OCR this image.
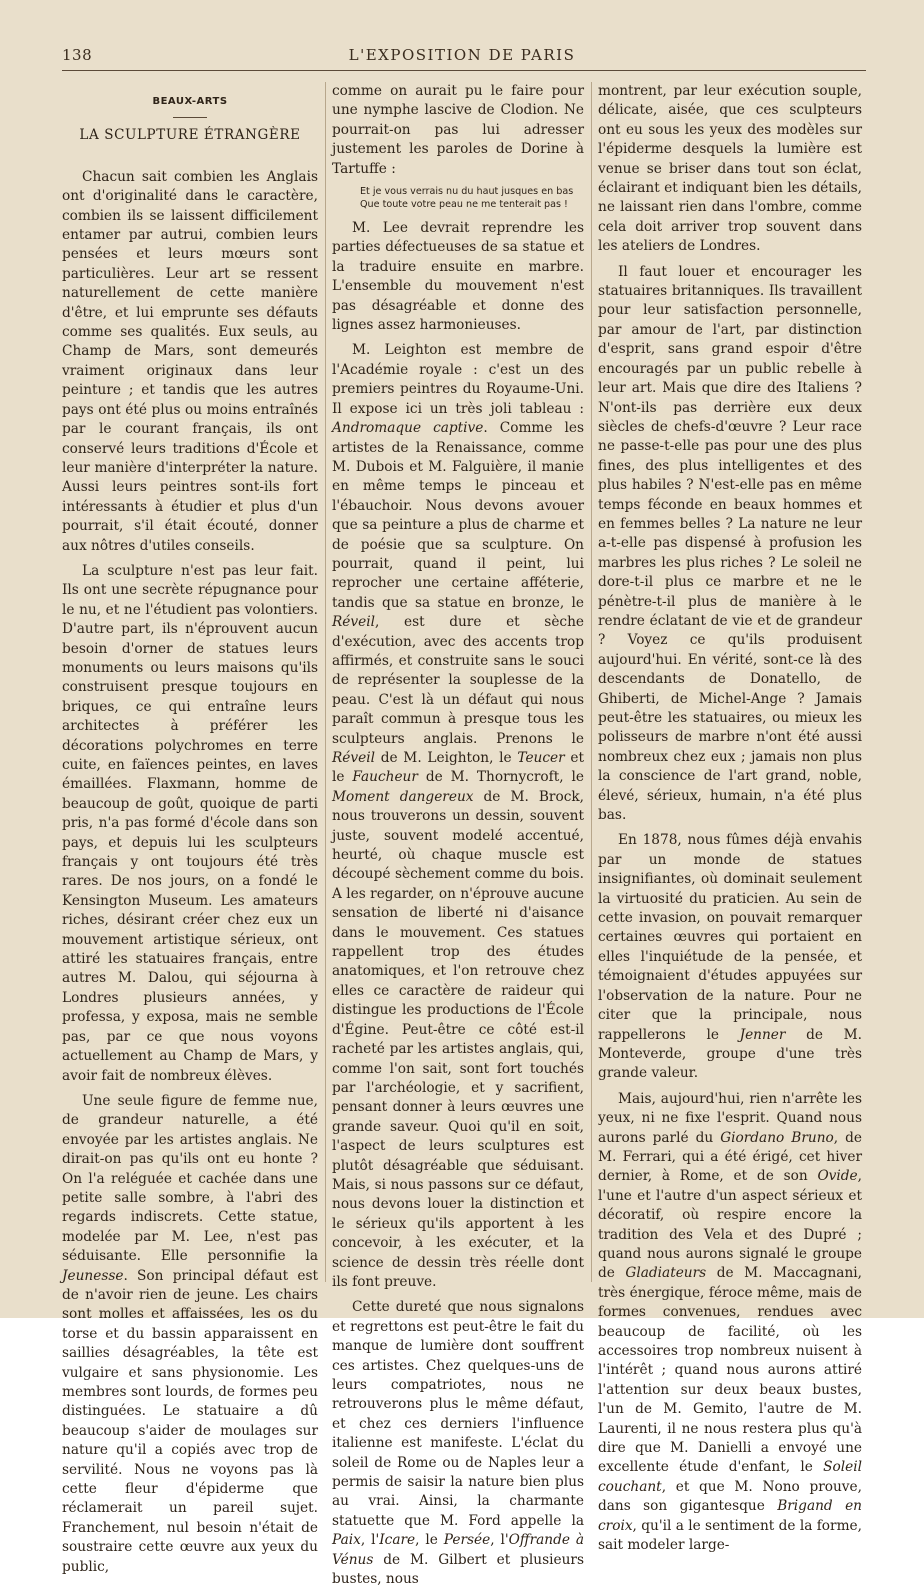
138	L'EXPOSITION DE PARIS
BEAUX-ARTS
LA SCULPTURE ÉTRANGÈRE

Chacun sait combien les Anglais ont d'originalité dans le caractère, combien ils se laissent difficilement entamer par autrui, combien leurs pensées et leurs mœurs sont particulières. Leur art se ressent naturellement de cette manière d'être, et lui emprunte ses défauts comme ses qualités. Eux seuls, au Champ de Mars, sont demeurés vraiment originaux dans leur peinture ; et tandis que les autres pays ont été plus ou moins entraînés par le courant français, ils ont conservé leurs traditions d'École et leur manière d'interpréter la nature. Aussi leurs peintres sont-ils fort intéressants à étudier et plus d'un pourrait, s'il était écouté, donner aux nôtres d'utiles conseils.

La sculpture n'est pas leur fait. Ils ont une secrète répugnance pour le nu, et ne l'étudient pas volontiers. D'autre part, ils n'éprouvent aucun besoin d'orner de statues leurs monuments ou leurs maisons qu'ils construisent presque toujours en briques, ce qui entraîne leurs architectes à préférer les décorations polychromes en terre cuite, en faïences peintes, en laves émaillées. Flaxmann, homme de beaucoup de goût, quoique de parti pris, n'a pas formé d'école dans son pays, et depuis lui les sculpteurs français y ont toujours été très rares. De nos jours, on a fondé le Kensington Museum. Les amateurs riches, désirant créer chez eux un mouvement artistique sérieux, ont attiré les statuaires français, entre autres M. Dalou, qui séjourna à Londres plusieurs années, y professa, y exposa, mais ne semble pas, par ce que nous voyons actuellement au Champ de Mars, y avoir fait de nombreux élèves.

Une seule figure de femme nue, de grandeur naturelle, a été envoyée par les artistes anglais. Ne dirait-on pas qu'ils ont eu honte ? On l'a reléguée et cachée dans une petite salle sombre, à l'abri des regards indiscrets. Cette statue, modelée par M. Lee, n'est pas séduisante. Elle personnifie la Jeunesse. Son principal défaut est de n'avoir rien de jeune. Les chairs sont molles et affaissées, les os du torse et du bassin apparaissent en saillies désagréables, la tête est vulgaire et sans physionomie. Les membres sont lourds, de formes peu distinguées. Le statuaire a dû beaucoup s'aider de moulages sur nature qu'il a copiés avec trop de servilité. Nous ne voyons pas là cette fleur d'épiderme que réclamerait un pareil sujet. Franchement, nul besoin n'était de soustraire cette œuvre aux yeux du public,

comme on aurait pu le faire pour une nymphe lascive de Clodion. Ne pourrait-on pas lui adresser justement les paroles de Dorine à Tartuffe :

Et je vous verrais nu du haut jusques en bas
Que toute votre peau ne me tenterait pas !

M. Lee devrait reprendre les parties défectueuses de sa statue et la traduire ensuite en marbre. L'ensemble du mouvement n'est pas désagréable et donne des lignes assez harmonieuses.

M. Leighton est membre de l'Académie royale : c'est un des premiers peintres du Royaume-Uni. Il expose ici un très joli tableau : Andromaque captive. Comme les artistes de la Renaissance, comme M. Dubois et M. Falguière, il manie en même temps le pinceau et l'ébauchoir. Nous devons avouer que sa peinture a plus de charme et de poésie que sa sculpture. On pourrait, quand il peint, lui reprocher une certaine afféterie, tandis que sa statue en bronze, le Réveil, est dure et sèche d'exécution, avec des accents trop affirmés, et construite sans le souci de représenter la souplesse de la peau. C'est là un défaut qui nous paraît commun à presque tous les sculpteurs anglais. Prenons le Réveil de M. Leighton, le Teucer et le Faucheur de M. Thornycroft, le Moment dangereux de M. Brock, nous trouverons un dessin, souvent juste, souvent modelé accentué, heurté, où chaque muscle est découpé sèchement comme du bois. A les regarder, on n'éprouve aucune sensation de liberté ni d'aisance dans le mouvement. Ces statues rappellent trop des études anatomiques, et l'on retrouve chez elles ce caractère de raideur qui distingue les productions de l'École d'Égine. Peut-être ce côté est-il racheté par les artistes anglais, qui, comme l'on sait, sont fort touchés par l'archéologie, et y sacrifient, pensant donner à leurs œuvres une grande saveur. Quoi qu'il en soit, l'aspect de leurs sculptures est plutôt désagréable que séduisant. Mais, si nous passons sur ce défaut, nous devons louer la distinction et le sérieux qu'ils apportent à les concevoir, à les exécuter, et la science de dessin très réelle dont ils font preuve.

Cette dureté que nous signalons et regrettons est peut-être le fait du manque de lumière dont souffrent ces artistes. Chez quelques-uns de leurs compatriotes, nous ne retrouverons plus le même défaut, et chez ces derniers l'influence italienne est manifeste. L'éclat du soleil de Rome ou de Naples leur a permis de saisir la nature bien plus au vrai. Ainsi, la charmante statuette que M. Ford appelle la Paix, l'Icare, le Persée, l'Offrande à Vénus de M. Gilbert et plusieurs bustes, nous

montrent, par leur exécution souple, délicate, aisée, que ces sculpteurs ont eu sous les yeux des modèles sur l'épiderme desquels la lumière est venue se briser dans tout son éclat, éclairant et indiquant bien les détails, ne laissant rien dans l'ombre, comme cela doit arriver trop souvent dans les ateliers de Londres.

Il faut louer et encourager les statuaires britanniques. Ils travaillent pour leur satisfaction personnelle, par amour de l'art, par distinction d'esprit, sans grand espoir d'être encouragés par un public rebelle à leur art. Mais que dire des Italiens ? N'ont-ils pas derrière eux deux siècles de chefs-d'œuvre ? Leur race ne passe-t-elle pas pour une des plus fines, des plus intelligentes et des plus habiles ? N'est-elle pas en même temps féconde en beaux hommes et en femmes belles ? La nature ne leur a-t-elle pas dispensé à profusion les marbres les plus riches ? Le soleil ne dore-t-il plus ce marbre et ne le pénètre-t-il plus de manière à le rendre éclatant de vie et de grandeur ? Voyez ce qu'ils produisent aujourd'hui. En vérité, sont-ce là des descendants de Donatello, de Ghiberti, de Michel-Ange ? Jamais peut-être les statuaires, ou mieux les polisseurs de marbre n'ont été aussi nombreux chez eux ; jamais non plus la conscience de l'art grand, noble, élevé, sérieux, humain, n'a été plus bas.

En 1878, nous fûmes déjà envahis par un monde de statues insignifiantes, où dominait seulement la virtuosité du praticien. Au sein de cette invasion, on pouvait remarquer certaines œuvres qui portaient en elles l'inquiétude de la pensée, et témoignaient d'études appuyées sur l'observation de la nature. Pour ne citer que la principale, nous rappellerons le Jenner de M. Monteverde, groupe d'une très grande valeur.

Mais, aujourd'hui, rien n'arrête les yeux, ni ne fixe l'esprit. Quand nous aurons parlé du Giordano Bruno, de M. Ferrari, qui a été érigé, cet hiver dernier, à Rome, et de son Ovide, l'une et l'autre d'un aspect sérieux et décoratif, où respire encore la tradition des Vela et des Dupré ; quand nous aurons signalé le groupe de Gladiateurs de M. Maccagnani, très énergique, féroce même, mais de formes convenues, rendues avec beaucoup de facilité, où les accessoires trop nombreux nuisent à l'intérêt ; quand nous aurons attiré l'attention sur deux beaux bustes, l'un de M. Gemito, l'autre de M. Laurenti, il ne nous restera plus qu'à dire que M. Danielli a envoyé une excellente étude d'enfant, le Soleil couchant, et que M. Nono prouve, dans son gigantesque Brigand en croix, qu'il a le sentiment de la forme, sait modeler large-
